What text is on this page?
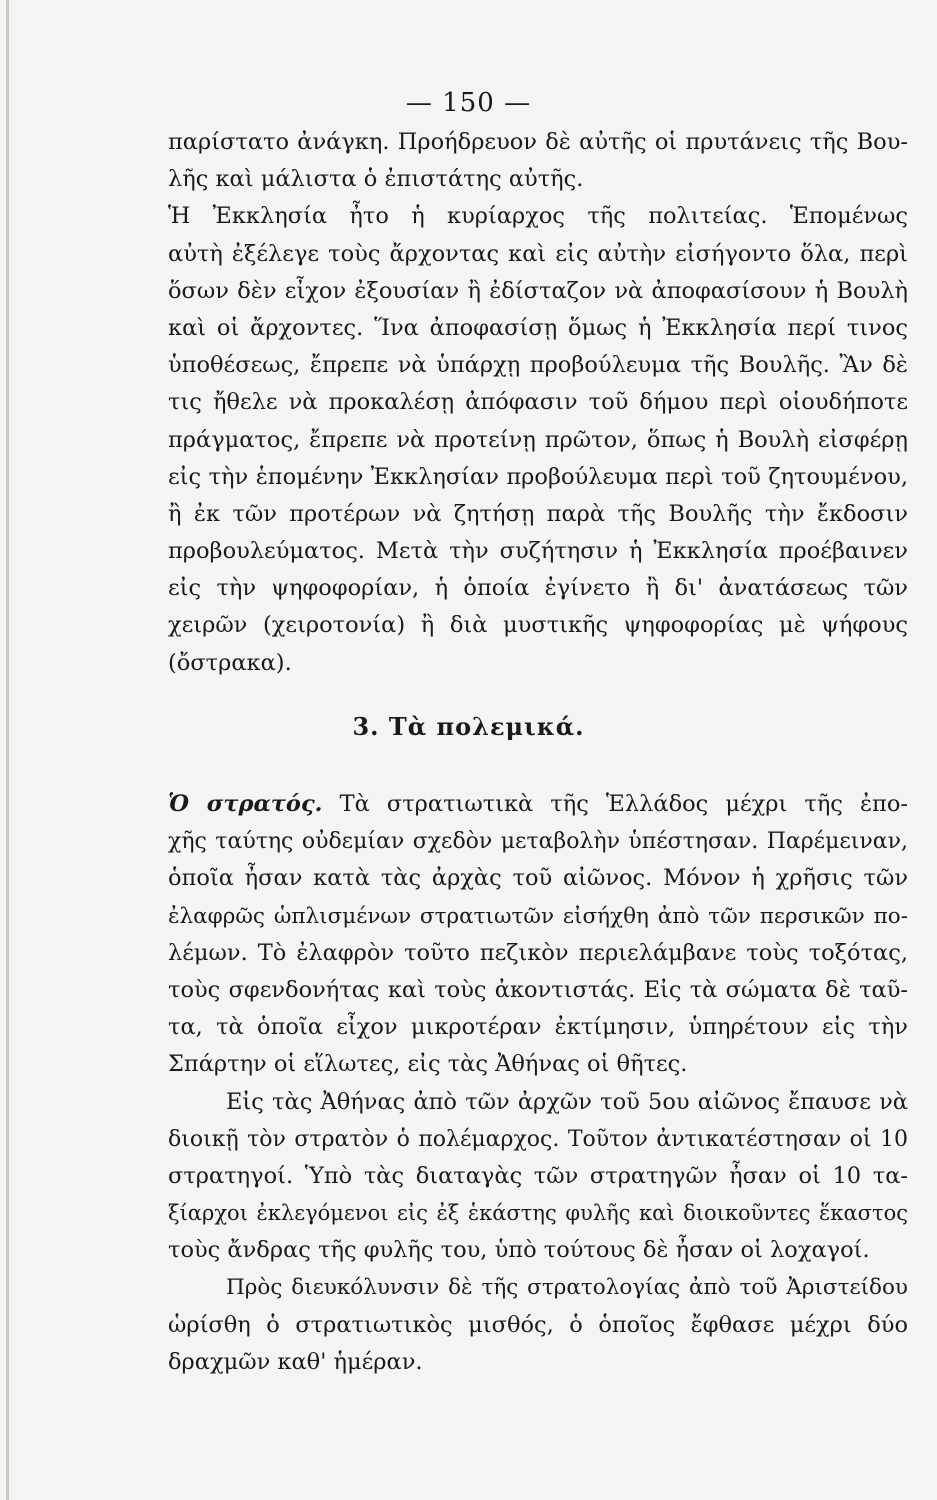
— 150 —
παρίστατο ἀνάγκη. Προήδρευον δὲ αὐτῆς οἱ πρυτάνεις τῆς Βου-
λῆς καὶ μάλιστα ὁ ἐπιστάτης αὐτῆς.
Ἡ Ἐκκλησία ἦτο ἡ κυρίαρχος τῆς πολιτείας. Ἑπομένως
αὐτὴ ἐξέλεγε τοὺς ἄρχοντας καὶ εἰς αὐτὴν εἰσήγοντο ὅλα, περὶ
ὅσων δὲν εἶχον ἐξουσίαν ἢ ἐδίσταζον νὰ ἀποφασίσουν ἡ Βουλὴ
καὶ οἱ ἄρχοντες. Ἵνα ἀποφασίσῃ ὅμως ἡ Ἐκκλησία περί τινος
ὑποθέσεως, ἔπρεπε νὰ ὑπάρχῃ προβούλευμα τῆς Βουλῆς. Ἂν δὲ
τις ἤθελε νὰ προκαλέσῃ ἀπόφασιν τοῦ δήμου περὶ οἱουδήποτε
πράγματος, ἔπρεπε νὰ προτείνῃ πρῶτον, ὅπως ἡ Βουλὴ εἰσφέρῃ
εἰς τὴν ἑπομένην Ἐκκλησίαν προβούλευμα περὶ τοῦ ζητουμένου,
ἢ ἐκ τῶν προτέρων νὰ ζητήσῃ παρὰ τῆς Βουλῆς τὴν ἔκδοσιν
προβουλεύματος. Μετὰ τὴν συζήτησιν ἡ Ἐκκλησία προέβαινεν
εἰς τὴν ψηφοφορίαν, ἡ ὁποία ἐγίνετο ἢ δι' ἀνατάσεως τῶν
χειρῶν (χειροτονία) ἢ διὰ μυστικῆς ψηφοφορίας μὲ ψήφους
(ὄστρακα).
3. Τὰ πολεμικά.
Ὁ στρατός. Τὰ στρατιωτικὰ τῆς Ἑλλάδος μέχρι τῆς ἐπο-
χῆς ταύτης οὐδεμίαν σχεδὸν μεταβολὴν ὑπέστησαν. Παρέμειναν,
ὁποῖα ἦσαν κατὰ τὰς ἀρχὰς τοῦ αἰῶνος. Μόνον ἡ χρῆσις τῶν
ἐλαφρῶς ὡπλισμένων στρατιωτῶν εἰσήχθη ἀπὸ τῶν περσικῶν πο-
λέμων. Τὸ ἐλαφρὸν τοῦτο πεζικὸν περιελάμβανε τοὺς τοξότας,
τοὺς σφενδονήτας καὶ τοὺς ἀκοντιστάς. Εἰς τὰ σώματα δὲ ταῦ-
τα, τὰ ὁποῖα εἶχον μικροτέραν ἐκτίμησιν, ὑπηρέτουν εἰς τὴν
Σπάρτην οἱ εἵλωτες, εἰς τὰς Ἀθήνας οἱ θῆτες.
Εἰς τὰς Ἀθήνας ἀπὸ τῶν ἀρχῶν τοῦ 5ου αἰῶνος ἔπαυσε νὰ
διοικῇ τὸν στρατὸν ὁ πολέμαρχος. Τοῦτον ἀντικατέστησαν οἱ 10
στρατηγοί. Ὑπὸ τὰς διαταγὰς τῶν στρατηγῶν ἦσαν οἱ 10 τα-
ξίαρχοι ἐκλεγόμενοι εἰς ἐξ ἑκάστης φυλῆς καὶ διοικοῦντες ἕκαστος
τοὺς ἄνδρας τῆς φυλῆς του, ὑπὸ τούτους δὲ ἦσαν οἱ λοχαγοί.
Πρὸς διευκόλυνσιν δὲ τῆς στρατολογίας ἀπὸ τοῦ Ἀριστείδου
ὡρίσθη ὁ στρατιωτικὸς μισθός, ὁ ὁποῖος ἔφθασε μέχρι δύο
δραχμῶν καθ' ἡμέραν.
